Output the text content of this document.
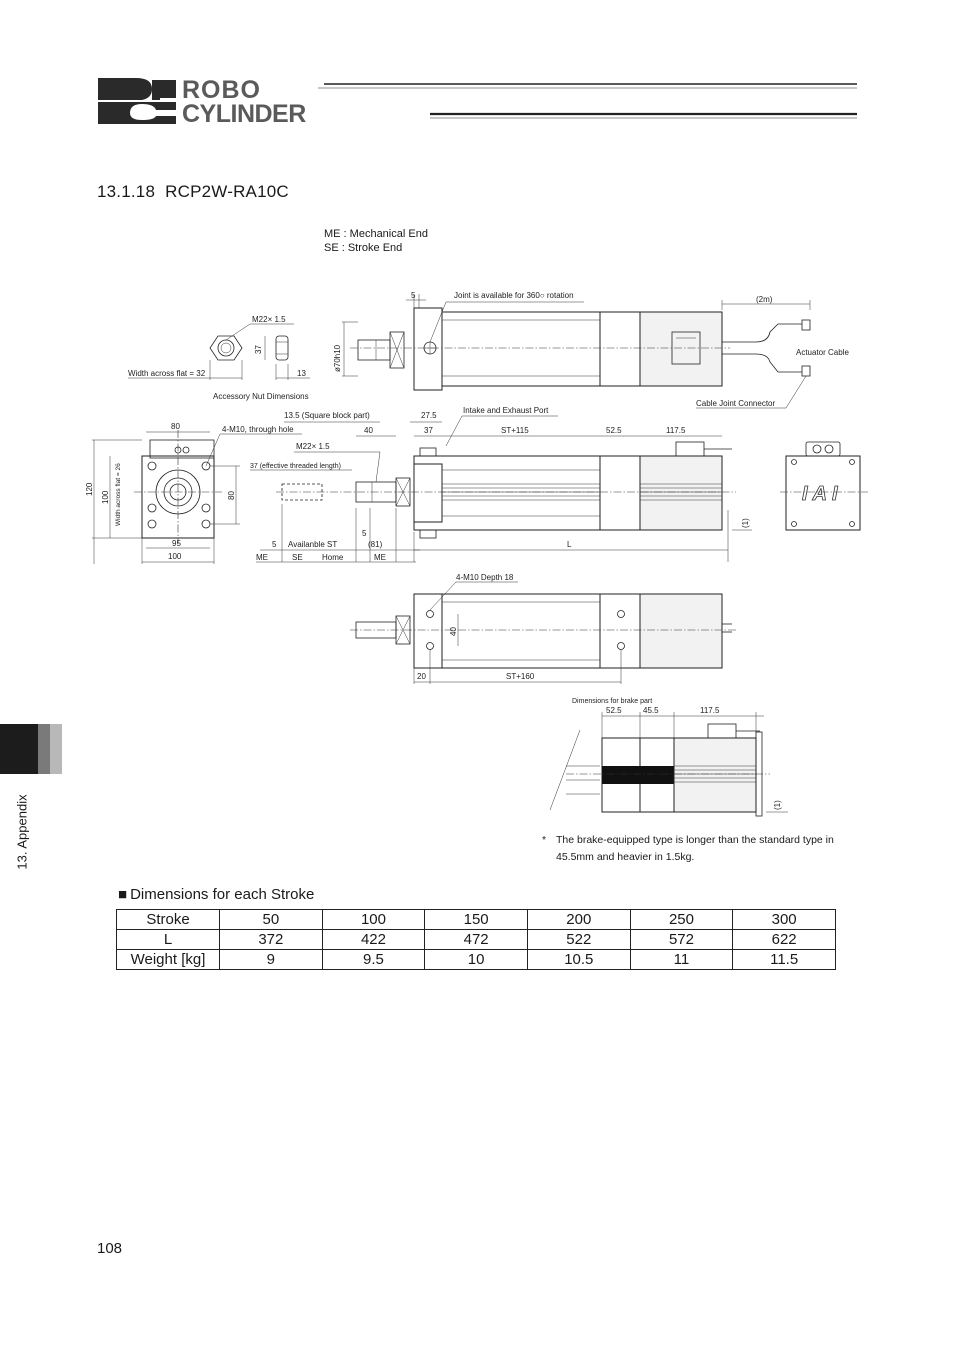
ROBO
CYLINDER
13.1.18 RCP2W-RA10C
ME : Mechanical End
SE : Stroke End
M22× 1.5
Width across flat = 32
37
13
Accessory Nut Dimensions
(2m)
Actuator Cable
Cable Joint Connector
5	Joint is available for 360○ rotation
ø70h10
80
120
100 Width across flat = 26	80
95
100
4-M10, through hole
13.5 (Square block part)
40
27.5
37	ST+115	52.5	117.5
Intake and Exhaust Port
M22× 1.5
37 (effective threaded length)
5 Availanble ST	(81)
5
L
ME	SE Home	ME
(1)
IAI
4-M10 Depth 18
40
20	ST+160
Dimensions for brake part
52.5	45.5	117.5
(1)
* The brake-equipped type is longer than the standard type in 45.5mm and heavier in 1.5kg.
13. Appendix
■ Dimensions for each Stroke
Stroke	50	100	150	200	250	300
L	372	422	472	522	572	622
Weight [kg]	9	9.5	10	10.5	11	11.5
108
